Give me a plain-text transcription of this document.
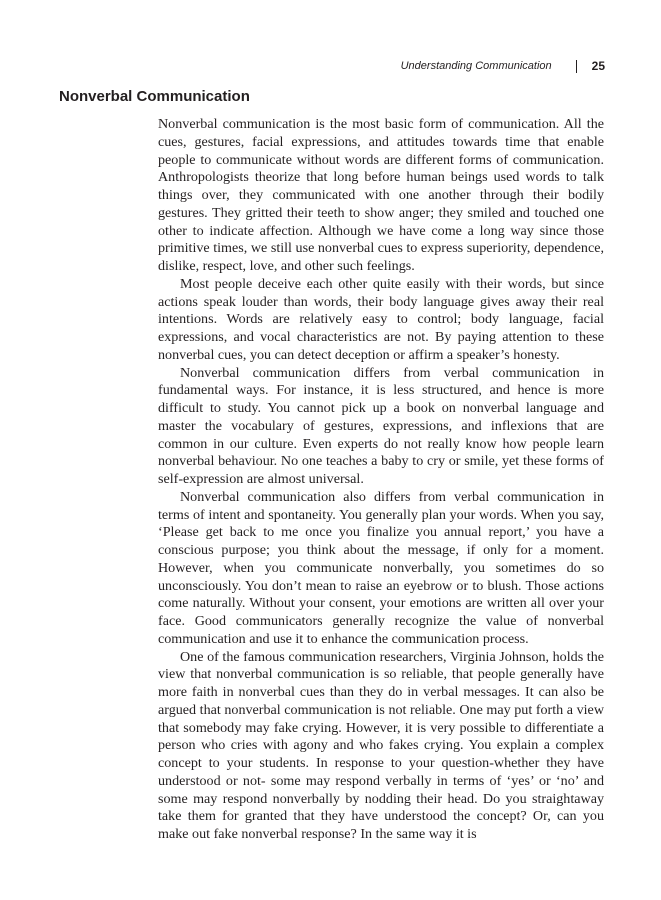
Understanding Communication	25
Nonverbal Communication

Nonverbal communication is the most basic form of communication. All the cues, gestures, facial expressions, and attitudes towards time that enable people to communicate without words are different forms of communication. Anthropologists theorize that long before human beings used words to talk things over, they communicated with one another through their bodily gestures. They gritted their teeth to show anger; they smiled and touched one other to indicate affection. Although we have come a long way since those primitive times, we still use nonverbal cues to express superiority, dependence, dislike, respect, love, and other such feelings.

Most people deceive each other quite easily with their words, but since actions speak louder than words, their body language gives away their real intentions. Words are relatively easy to control; body language, facial expressions, and vocal characteristics are not. By paying attention to these nonverbal cues, you can detect deception or affirm a speaker’s honesty.

Nonverbal communication differs from verbal communication in fundamental ways. For instance, it is less structured, and hence is more difficult to study. You cannot pick up a book on nonverbal language and master the vocabulary of gestures, expressions, and inflexions that are common in our culture. Even experts do not really know how people learn nonverbal behaviour. No one teaches a baby to cry or smile, yet these forms of self-expression are almost universal.

Nonverbal communication also differs from verbal communication in terms of intent and spontaneity. You generally plan your words. When you say, ‘Please get back to me once you finalize you annual report,’ you have a conscious purpose; you think about the message, if only for a moment. However, when you communicate nonverbally, you sometimes do so unconsciously. You don’t mean to raise an eyebrow or to blush. Those actions come naturally. Without your consent, your emotions are written all over your face. Good communicators generally recognize the value of nonverbal communication and use it to enhance the communication process.

One of the famous communication researchers, Virginia Johnson, holds the view that nonverbal communication is so reliable, that people generally have more faith in nonverbal cues than they do in verbal messages. It can also be argued that nonverbal communication is not reliable. One may put forth a view that somebody may fake crying. However, it is very possible to differentiate a person who cries with agony and who fakes crying. You explain a complex concept to your students. In response to your question-whether they have understood or not- some may respond verbally in terms of ‘yes’ or ‘no’ and some may respond nonverbally by nodding their head. Do you straightaway take them for granted that they have understood the concept? Or, can you make out fake nonverbal response? In the same way it is
